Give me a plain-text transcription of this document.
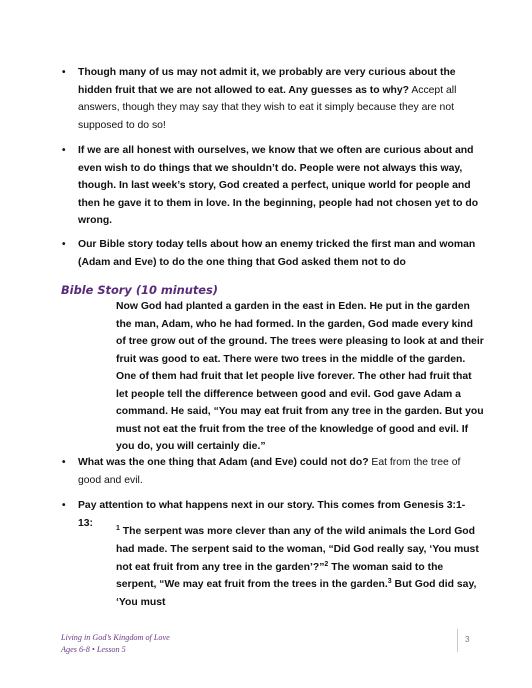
• Though many of us may not admit it, we probably are very curious about the hidden fruit that we are not allowed to eat. Any guesses as to why? Accept all answers, though they may say that they wish to eat it simply because they are not supposed to do so!
• If we are all honest with ourselves, we know that we often are curious about and even wish to do things that we shouldn’t do. People were not always this way, though. In last week’s story, God created a perfect, unique world for people and then he gave it to them in love. In the beginning, people had not chosen yet to do wrong.
• Our Bible story today tells about how an enemy tricked the first man and woman (Adam and Eve) to do the one thing that God asked them not to do
Bible Story (10 minutes)
Now God had planted a garden in the east in Eden. He put in the garden the man, Adam, who he had formed. In the garden, God made every kind of tree grow out of the ground. The trees were pleasing to look at and their fruit was good to eat. There were two trees in the middle of the garden. One of them had fruit that let people live forever. The other had fruit that let people tell the difference between good and evil. God gave Adam a command. He said, “You may eat fruit from any tree in the garden. But you must not eat the fruit from the tree of the knowledge of good and evil. If you do, you will certainly die.”
• What was the one thing that Adam (and Eve) could not do? Eat from the tree of good and evil.
• Pay attention to what happens next in our story. This comes from Genesis 3:1-13:	$^1$ The serpent was more clever than any of the wild animals the Lord God had made. The serpent said to the woman, “Did God really say, ‘You must not eat fruit from any tree in the garden’?”$^2$ The woman said to the serpent, “We may eat fruit from the trees in the garden.$^3$ But God did say, ‘You must
Living in God’s Kingdom of Love
Ages 6-8 • Lesson 5
3
